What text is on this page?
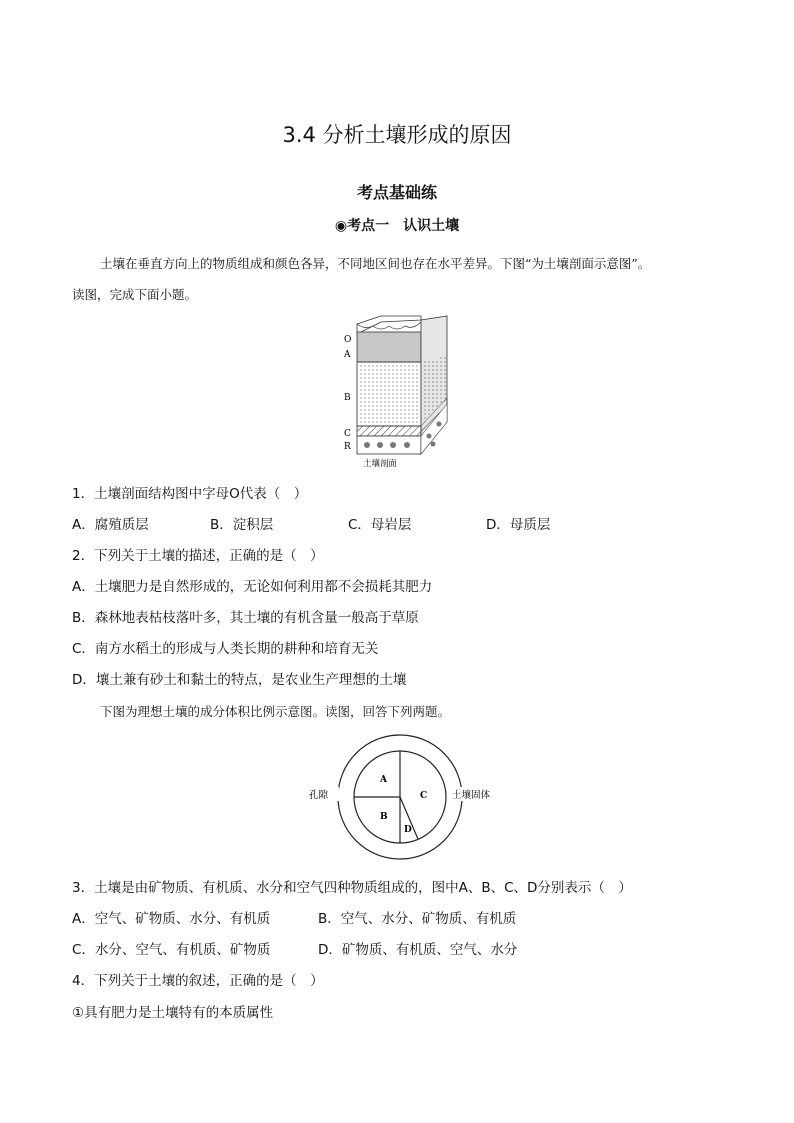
3.4 分析土壤形成的原因
考点基础练
◉考点一　认识土壤
土壤在垂直方向上的物质组成和颜色各异，不同地区间也存在水平差异。下图“为土壤剖面示意图”。
读图，完成下面小题。
O
A
B
C
R
土壤剖面
1．土壤剖面结构图中字母O代表（　）
A．腐殖质层	B．淀积层	C．母岩层	D．母质层
2．下列关于土壤的描述，正确的是（　）
A．土壤肥力是自然形成的，无论如何利用都不会损耗其肥力
B．森林地表枯枝落叶多，其土壤的有机含量一般高于草原
C．南方水稻土的形成与人类长期的耕种和培育无关
D．壤土兼有砂土和黏土的特点，是农业生产理想的土壤
下图为理想土壤的成分体积比例示意图。读图，回答下列两题。
A
B
C
D
孔隙	土壤固体
3．土壤是由矿物质、有机质、水分和空气四种物质组成的，图中A、B、C、D分别表示（　）
A．空气、矿物质、水分、有机质	B．空气、水分、矿物质、有机质
C．水分、空气、有机质、矿物质	D．矿物质、有机质、空气、水分
4．下列关于土壤的叙述，正确的是（　）
①具有肥力是土壤特有的本质属性
